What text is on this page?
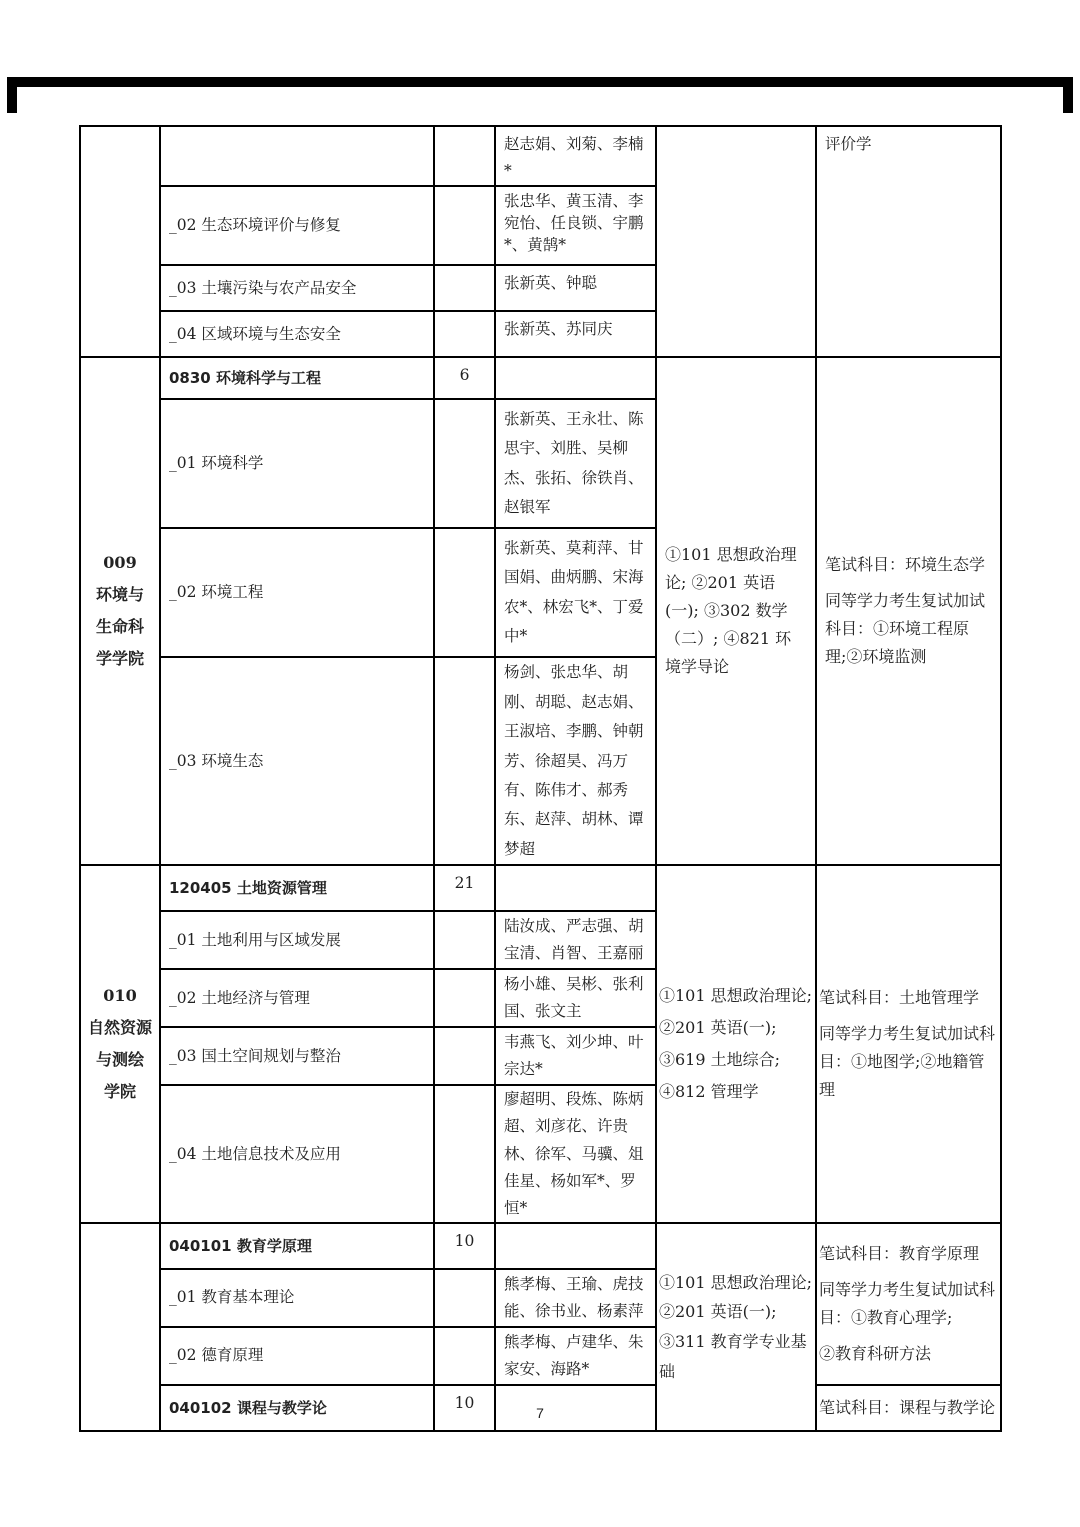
			赵志娟、刘菊、李楠*		评价学
	_02 生态环境评价与修复		张忠华、黄玉清、李宛怡、任良锁、宇鹏*、黄鹄*		
	_03 土壤污染与农产品安全		张新英、钟聪		
	_04 区域环境与生态安全		张新英、苏同庆		

009
环境与
生命科
学学院	0830 环境科学与工程	6		①101 思想政治理论; ②201 英语(一); ③302 数学（二）; ④821 环境学导论	笔试科目：环境生态学
同等学力考生复试加试科目：①环境工程原理;②环境监测

	_01 环境科学		张新英、王永壮、陈思宇、刘胜、吴柳杰、张拓、徐铁肖、赵银军		
	_02 环境工程		张新英、莫莉萍、甘国娟、曲炳鹏、宋海农*、林宏飞*、丁爱中*		
	_03 环境生态		杨剑、张忠华、胡刚、胡聪、赵志娟、王淑培、李鹏、钟朝芳、徐超昊、冯万有、陈伟才、郝秀东、赵萍、胡林、谭梦超		

010
自然资源
与测绘
学院	120405 土地资源管理	21		①101 思想政治理论; ②201 英语(一); ③619 土地综合; ④812 管理学	笔试科目：土地管理学
同等学力考生复试加试科目：①地图学;②地籍管理

	_01 土地利用与区域发展		陆汝成、严志强、胡宝清、肖智、王嘉丽		
	_02 土地经济与管理		杨小雄、吴彬、张利国、张文主		
	_03 国土空间规划与整治		韦燕飞、刘少坤、叶宗达*		
	_04 土地信息技术及应用		廖超明、段炼、陈炳超、刘彦花、许贵林、徐军、马骥、俎佳星、杨如军*、罗恒*		
	040101 教育学原理	10		①101 思想政治理论; ②201 英语(一); ③311 教育学专业基础	笔试科目：教育学原理
同等学力考生复试加试科目：①教育心理学;
②教育科研方法

	_01 教育基本理论		熊孝梅、王瑜、虎技能、徐书业、杨素萍		
	_02 德育原理		熊孝梅、卢建华、朱家安、海路*		
	040102 课程与教学论	10			笔试科目：课程与教学论
7
